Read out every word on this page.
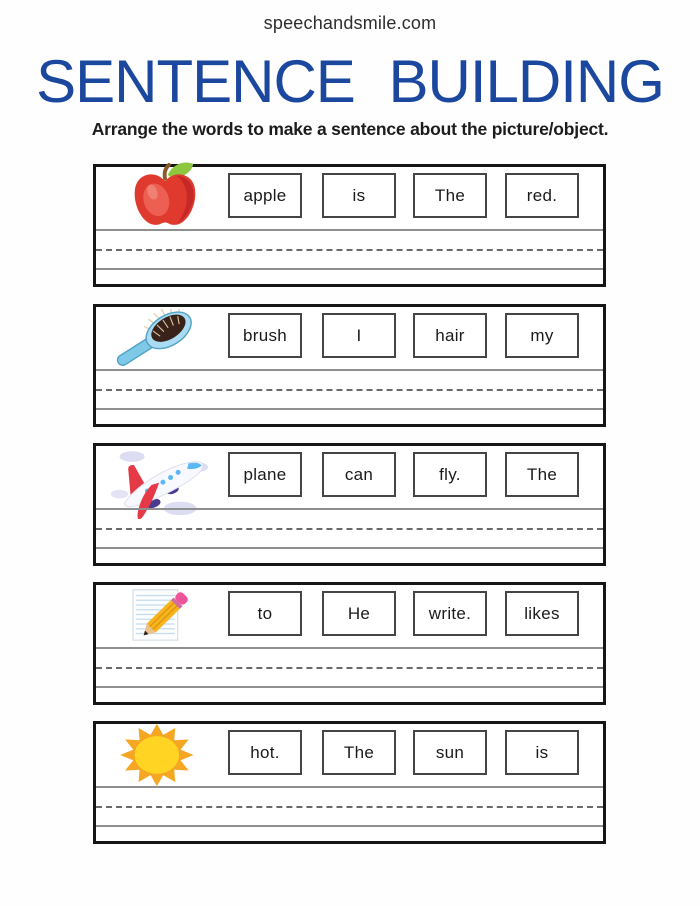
speechandsmile.com
SENTENCE BUILDING
Arrange the words to make a sentence about the picture/object.
apple	is	The	red.
brush	I	hair	my
plane	can	fly.	The
to	He	write.	likes
hot.	The	sun	is
